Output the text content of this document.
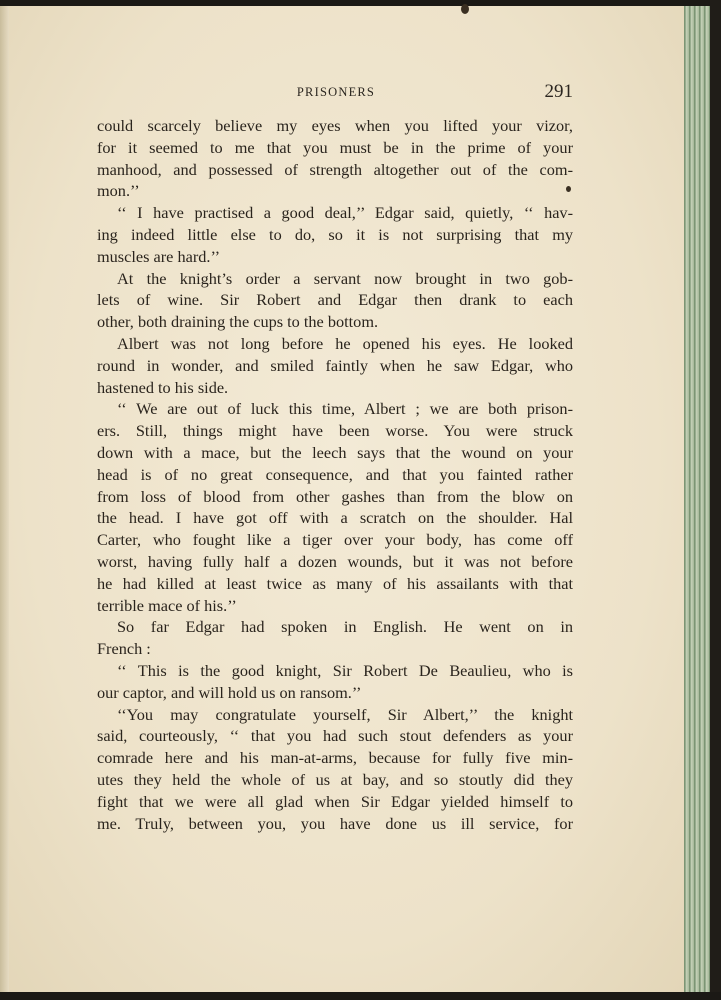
PRISONERS	291
could scarcely believe my eyes when you lifted your vizor,
for it seemed to me that you must be in the prime of your
manhood, and possessed of strength altogether out of the com-
mon.’’
‘‘ I have practised a good deal,’’ Edgar said, quietly, ‘‘ hav-
ing indeed little else to do, so it is not surprising that my
muscles are hard.’’
At the knight’s order a servant now brought in two gob-
lets of wine. Sir Robert and Edgar then drank to each
other, both draining the cups to the bottom.
Albert was not long before he opened his eyes. He looked
round in wonder, and smiled faintly when he saw Edgar, who
hastened to his side.
‘‘ We are out of luck this time, Albert ; we are both prison-
ers. Still, things might have been worse. You were struck
down with a mace, but the leech says that the wound on your
head is of no great consequence, and that you fainted rather
from loss of blood from other gashes than from the blow on
the head. I have got off with a scratch on the shoulder. Hal
Carter, who fought like a tiger over your body, has come off
worst, having fully half a dozen wounds, but it was not before
he had killed at least twice as many of his assailants with that
terrible mace of his.’’
So far Edgar had spoken in English. He went on in
French :
‘‘ This is the good knight, Sir Robert De Beaulieu, who is
our captor, and will hold us on ransom.’’
‘‘You may congratulate yourself, Sir Albert,’’ the knight
said, courteously, ‘‘ that you had such stout defenders as your
comrade here and his man-at-arms, because for fully five min-
utes they held the whole of us at bay, and so stoutly did they
fight that we were all glad when Sir Edgar yielded himself to
me. Truly, between you, you have done us ill service, for
